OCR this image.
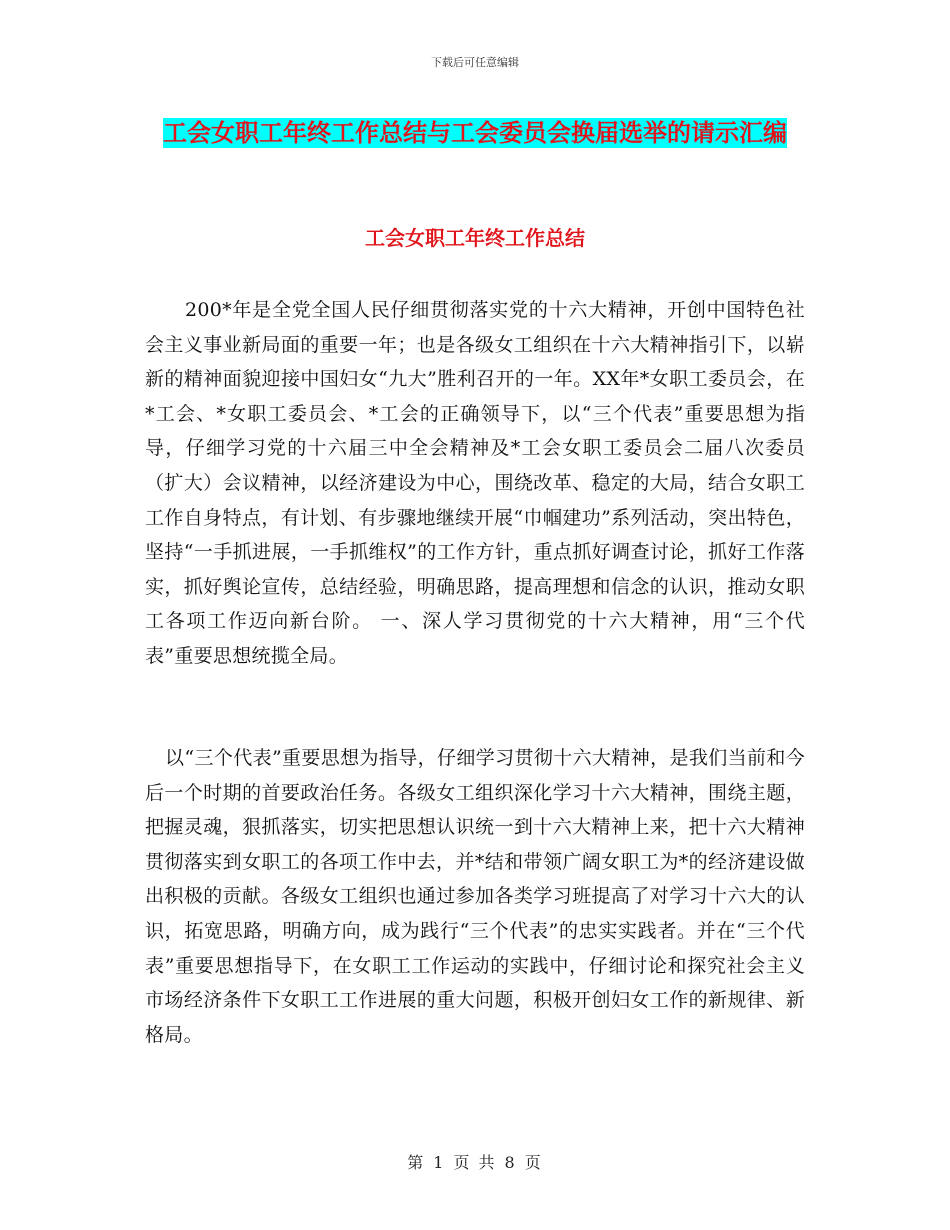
下载后可任意编辑
工会女职工年终工作总结与工会委员会换届选举的请示汇编
工会女职工年终工作总结
200*年是全党全国人民仔细贯彻落实党的十六大精神，开创中国特色社会主义事业新局面的重要一年；也是各级女工组织在十六大精神指引下，以崭新的精神面貌迎接中国妇女“九大”胜利召开的一年。XX年*女职工委员会，在*工会、*女职工委员会、*工会的正确领导下，以“三个代表”重要思想为指导，仔细学习党的十六届三中全会精神及*工会女职工委员会二届八次委员（扩大）会议精神，以经济建设为中心，围绕改革、稳定的大局，结合女职工工作自身特点，有计划、有步骤地继续开展“巾帼建功”系列活动，突出特色，坚持“一手抓进展，一手抓维权”的工作方针，重点抓好调查讨论，抓好工作落实，抓好舆论宣传，总结经验，明确思路，提高理想和信念的认识，推动女职工各项工作迈向新台阶。 一、深人学习贯彻党的十六大精神，用“三个代表”重要思想统揽全局。
以“三个代表”重要思想为指导，仔细学习贯彻十六大精神，是我们当前和今后一个时期的首要政治任务。各级女工组织深化学习十六大精神，围绕主题，把握灵魂，狠抓落实，切实把思想认识统一到十六大精神上来，把十六大精神贯彻落实到女职工的各项工作中去，并*结和带领广阔女职工为*的经济建设做出积极的贡献。各级女工组织也通过参加各类学习班提高了对学习十六大的认识，拓宽思路，明确方向，成为践行“三个代表”的忠实实践者。并在“三个代表”重要思想指导下，在女职工工作运动的实践中，仔细讨论和探究社会主义市场经济条件下女职工工作进展的重大问题，积极开创妇女工作的新规律、新格局。
第 1 页 共 8 页
